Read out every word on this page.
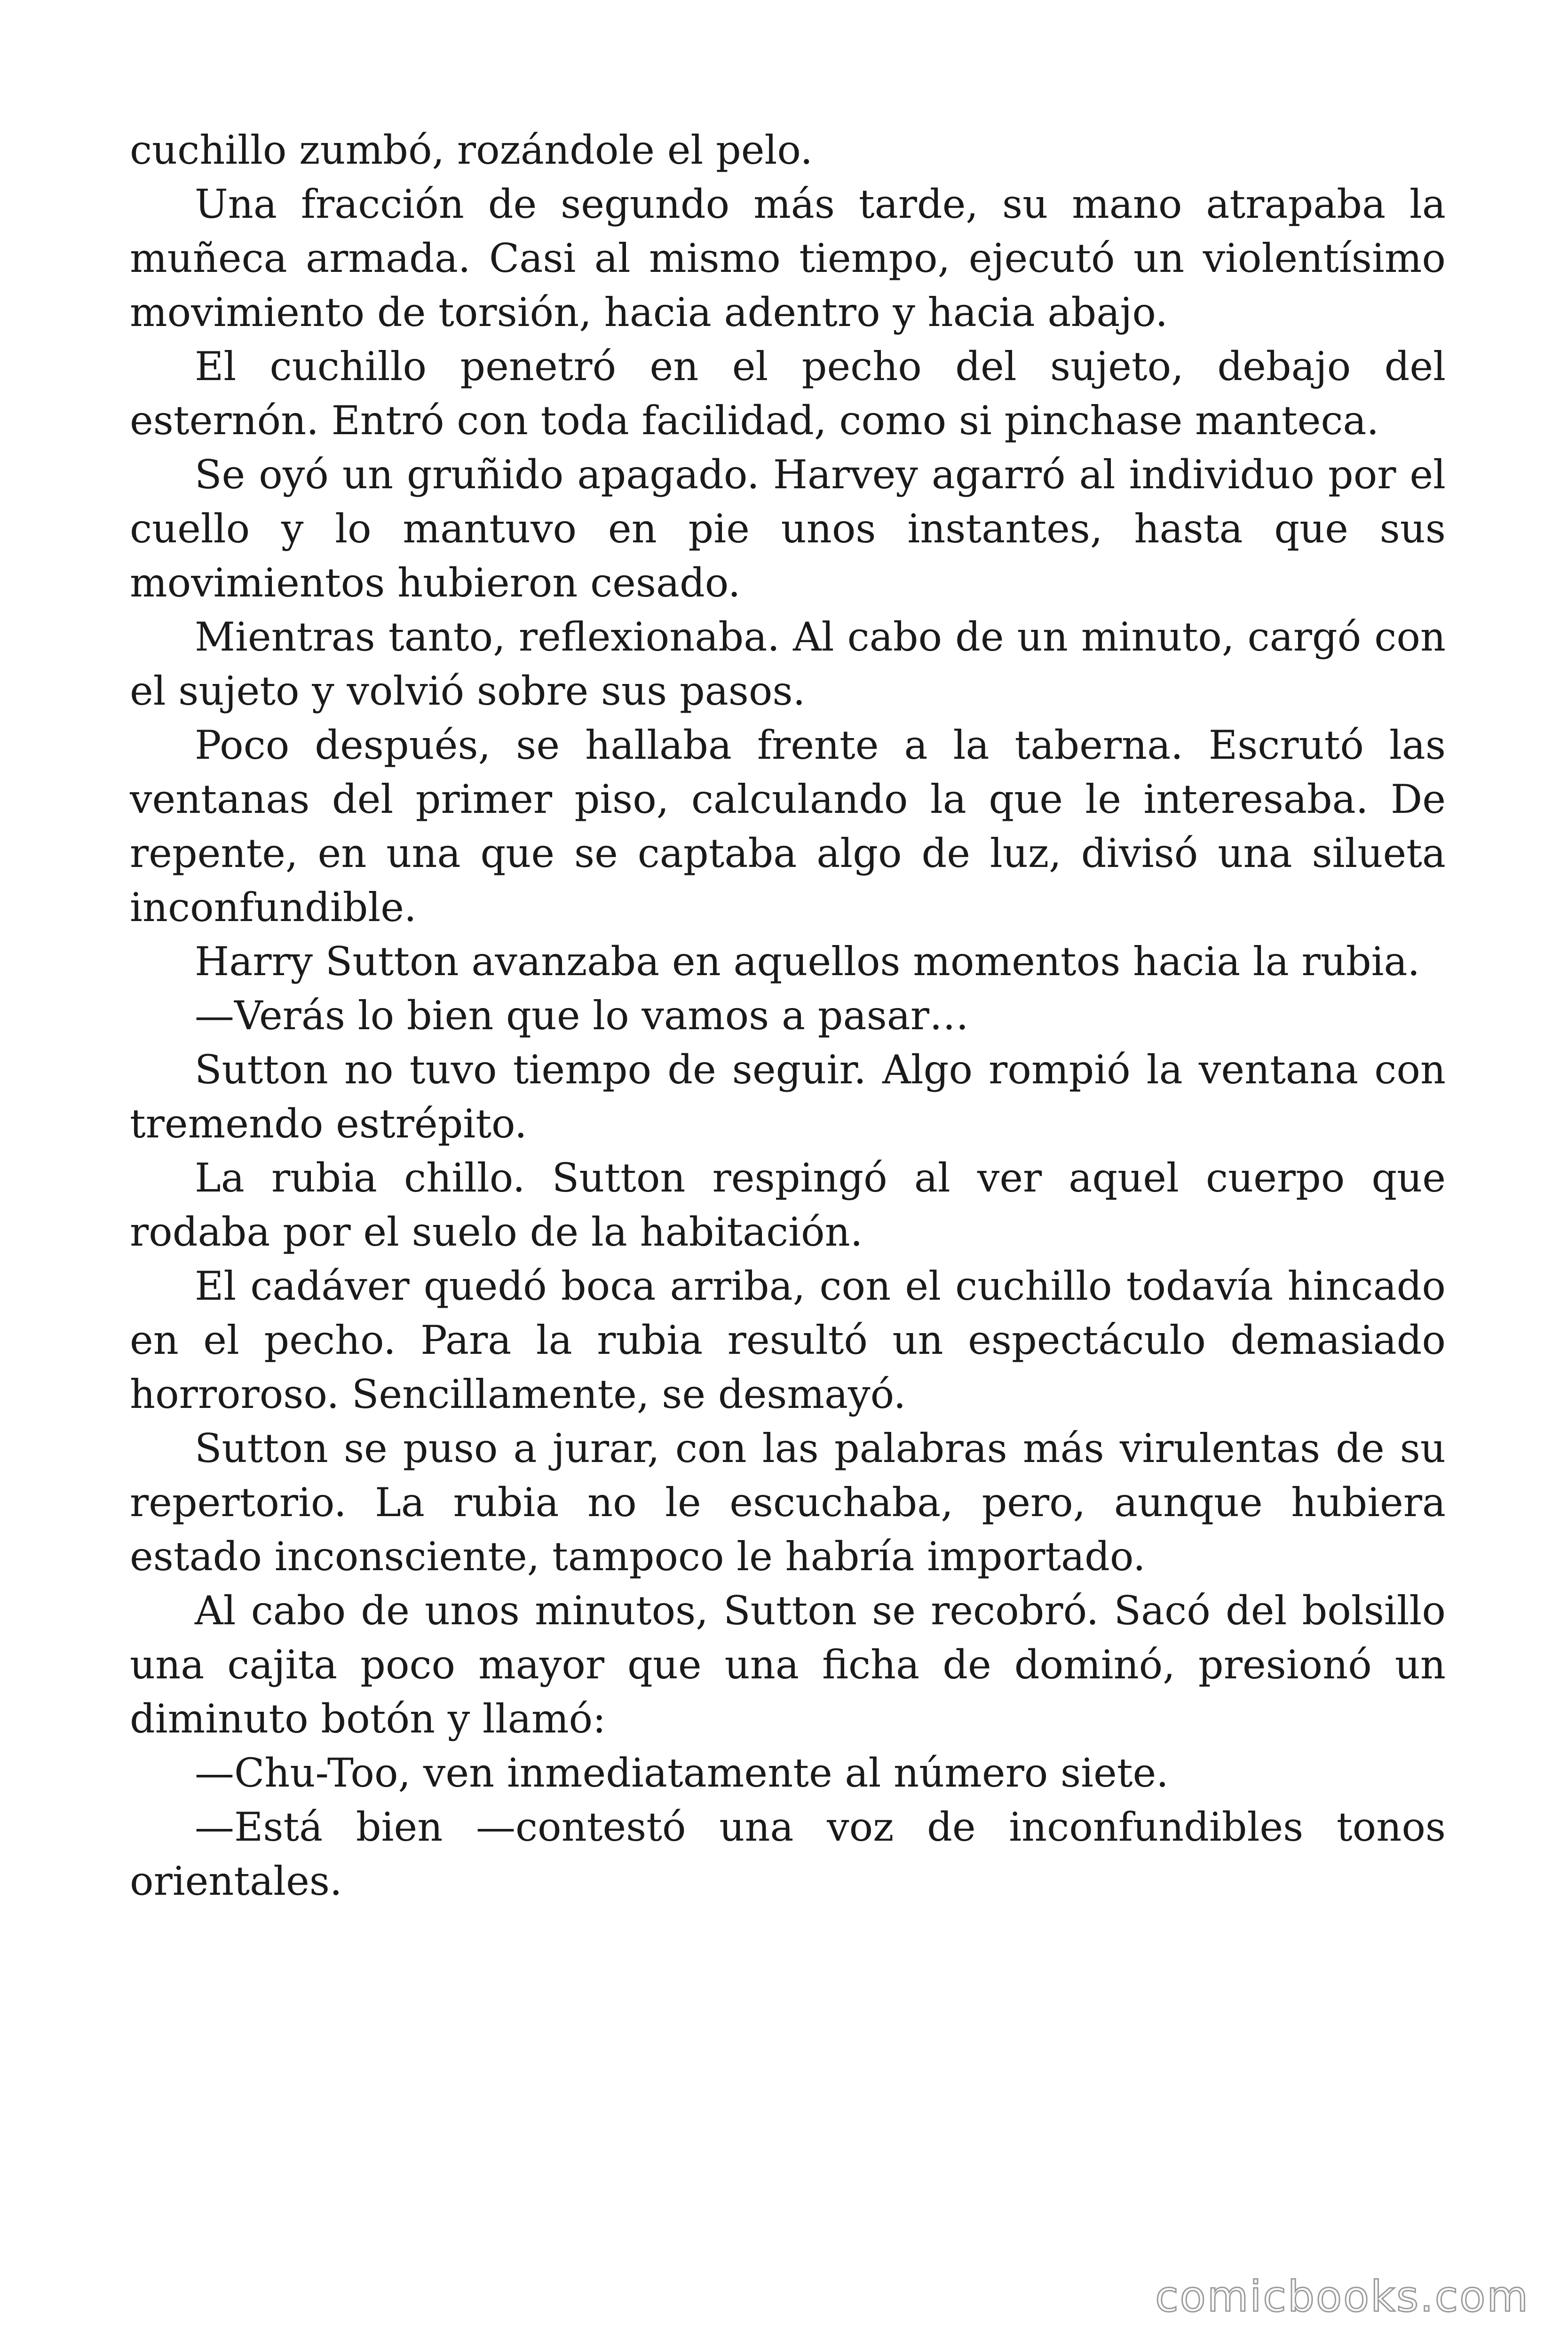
cuchillo zumbó, rozándole el pelo.

Una fracción de segundo más tarde, su mano atrapaba la muñeca armada. Casi al mismo tiempo, ejecutó un violentísimo movimiento de torsión, hacia adentro y hacia abajo.

El cuchillo penetró en el pecho del sujeto, debajo del esternón. Entró con toda facilidad, como si pinchase manteca.

Se oyó un gruñido apagado. Harvey agarró al individuo por el cuello y lo mantuvo en pie unos instantes, hasta que sus movimientos hubieron cesado.

Mientras tanto, reflexionaba. Al cabo de un minuto, cargó con el sujeto y volvió sobre sus pasos.

Poco después, se hallaba frente a la taberna. Escrutó las ventanas del primer piso, calculando la que le interesaba. De repente, en una que se captaba algo de luz, divisó una silueta inconfundible.

Harry Sutton avanzaba en aquellos momentos hacia la rubia.

—Verás lo bien que lo vamos a pasar…

Sutton no tuvo tiempo de seguir. Algo rompió la ventana con tremendo estrépito.

La rubia chillo. Sutton respingó al ver aquel cuerpo que rodaba por el suelo de la habitación.

El cadáver quedó boca arriba, con el cuchillo todavía hincado en el pecho. Para la rubia resultó un espectáculo demasiado horroroso. Sencillamente, se desmayó.

Sutton se puso a jurar, con las palabras más virulentas de su repertorio. La rubia no le escuchaba, pero, aunque hubiera estado inconsciente, tampoco le habría importado.

Al cabo de unos minutos, Sutton se recobró. Sacó del bolsillo una cajita poco mayor que una ficha de dominó, presionó un diminuto botón y llamó:

—Chu-Too, ven inmediatamente al número siete.

—Está bien —contestó una voz de inconfundibles tonos orientales.

comicbooks.com
